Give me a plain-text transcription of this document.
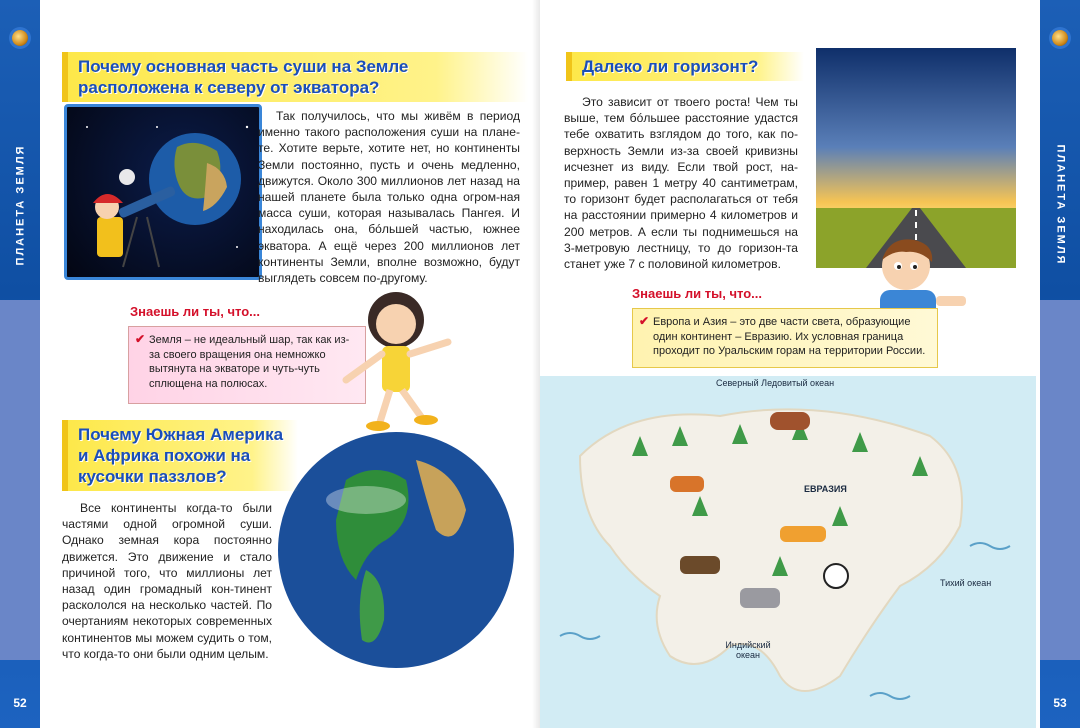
ПЛАНЕТА ЗЕМЛЯ
52
Почему основная часть суши на Земле расположена к северу от экватора?

Так получилось, что мы живём в период именно такого расположения суши на плане-те. Хотите верьте, хотите нет, но континенты Земли постоянно, пусть и очень медленно, движутся. Около 300 миллионов лет назад на нашей планете была только одна огром-ная масса суши, которая называлась Пангея. И находилась она, бóльшей частью, южнее экватора. А ещё через 200 миллионов лет континенты Земли, вполне возможно, будут выглядеть совсем по-другому.

Знаешь ли ты, что...
✔ Земля – не идеальный шар, так как из-за своего вращения она немножко вытянута на экваторе и чуть-чуть сплющена на полюсах.
Почему Южная Америка и Африка похожи на кусочки паззлов?

Все континенты когда-то были частями одной огромной суши. Однако земная кора постоянно движется. Это движение и стало причиной того, что миллионы лет назад один громадный кон-тинент раскололся на несколько частей. По очертаниям некоторых современных континентов мы можем судить о том, что когда-то они были одним целым.

ПЛАНЕТА ЗЕМЛЯ
53
Далеко ли горизонт?

Это зависит от твоего роста! Чем ты выше, тем бóльшее расстояние удастся тебе охватить взглядом до того, как по-верхность Земли из-за своей кривизны исчезнет из виду. Если твой рост, на-пример, равен 1 метру 40 сантиметрам, то горизонт будет располагаться от тебя на расстоянии примерно 4 километров и 200 метров. А если ты поднимешься на 3-метровую лестницу, то до горизон-та станет уже 7 с половиной километров.

Знаешь ли ты, что...
✔ Европа и Азия – это две части света, образующие один континент – Евразию. Их условная граница проходит по Уральским горам на территории России.
Северный Ледовитый океан
ЕВРАЗИЯ
Тихий океан
Индийский океан
